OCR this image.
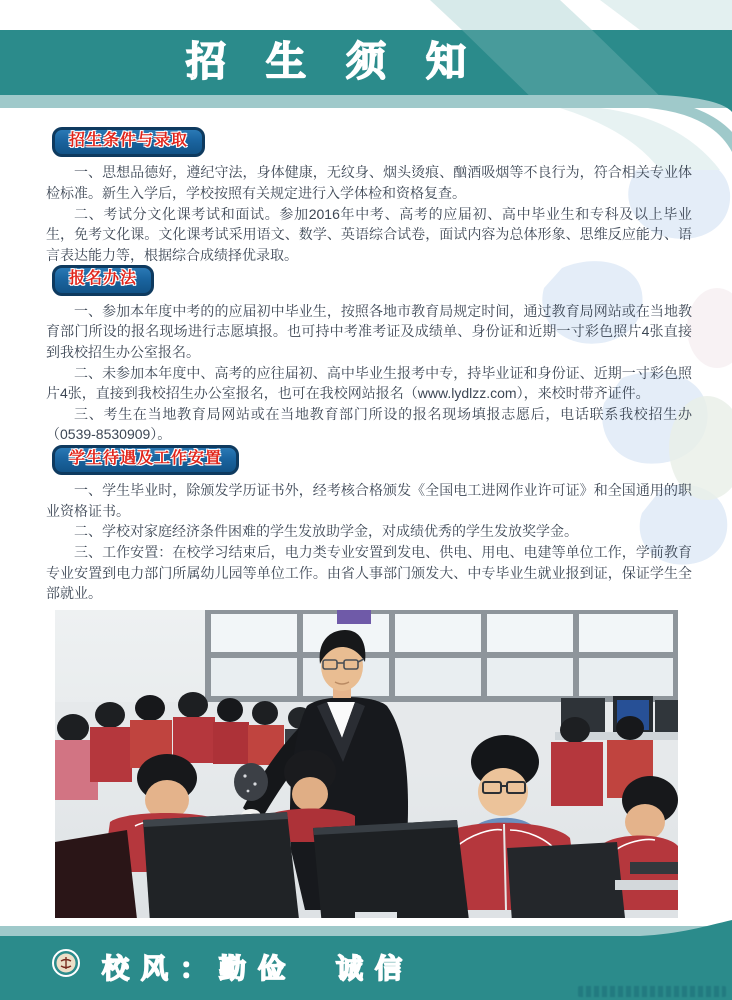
招生须知
招生条件与录取

一、思想品德好，遵纪守法，身体健康，无纹身、烟头烫痕、酗酒吸烟等不良行为，符合相关专业体检标准。新生入学后，学校按照有关规定进行入学体检和资格复查。

二、考试分文化课考试和面试。参加2016年中考、高考的应届初、高中毕业生和专科及以上毕业生，免考文化课。文化课考试采用语文、数学、英语综合试卷，面试内容为总体形象、思维反应能力、语言表达能力等，根据综合成绩择优录取。

报名办法

一、参加本年度中考的的应届初中毕业生，按照各地市教育局规定时间，通过教育局网站或在当地教育部门所设的报名现场进行志愿填报。也可持中考准考证及成绩单、身份证和近期一寸彩色照片4张直接到我校招生办公室报名。

二、未参加本年度中、高考的应往届初、高中毕业生报考中专，持毕业证和身份证、近期一寸彩色照片4张，直接到我校招生办公室报名，也可在我校网站报名（www.lydlzz.com），来校时带齐证件。

三、考生在当地教育局网站或在当地教育部门所设的报名现场填报志愿后，电话联系我校招生办（0539-8530909）。

学生待遇及工作安置

一、学生毕业时，除颁发学历证书外，经考核合格颁发《全国电工进网作业许可证》和全国通用的职业资格证书。

二、学校对家庭经济条件困难的学生发放助学金，对成绩优秀的学生发放奖学金。

三、工作安置：在校学习结束后，电力类专业安置到发电、供电、用电、电建等单位工作，学前教育专业安置到电力部门所属幼儿园等单位工作。由省人事部门颁发大、中专毕业生就业报到证，保证学生全部就业。

校风：勤俭　诚信
